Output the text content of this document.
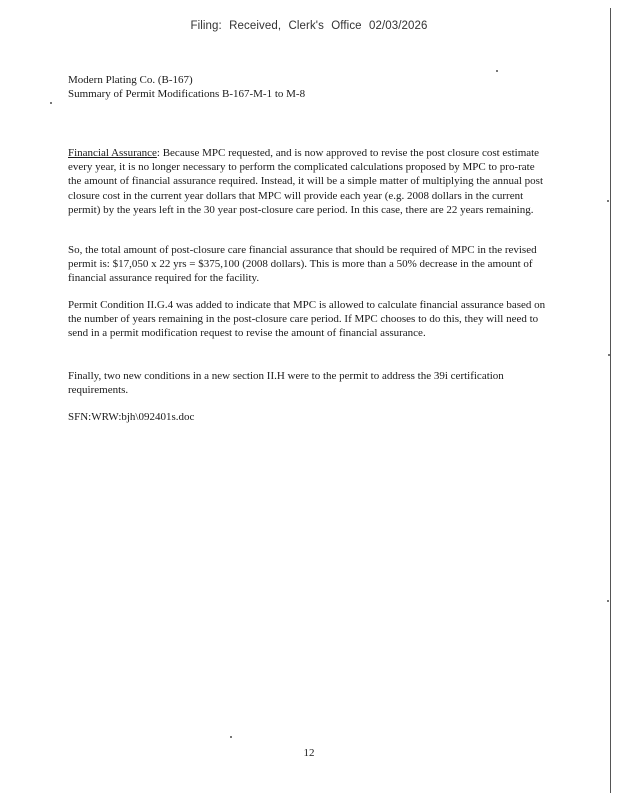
Filing: Received, Clerk's Office 02/03/2026
Modern Plating Co. (B-167)
Summary of Permit Modifications B-167-M-1 to M-8
Financial Assurance: Because MPC requested, and is now approved to revise the post closure cost estimate every year, it is no longer necessary to perform the complicated calculations proposed by MPC to pro-rate the amount of financial assurance required. Instead, it will be a simple matter of multiplying the annual post closure cost in the current year dollars that MPC will provide each year (e.g. 2008 dollars in the current permit) by the years left in the 30 year post-closure care period. In this case, there are 22 years remaining.
So, the total amount of post-closure care financial assurance that should be required of MPC in the revised permit is: $17,050 x 22 yrs = $375,100 (2008 dollars). This is more than a 50% decrease in the amount of financial assurance required for the facility.
Permit Condition II.G.4 was added to indicate that MPC is allowed to calculate financial assurance based on the number of years remaining in the post-closure care period. If MPC chooses to do this, they will need to send in a permit modification request to revise the amount of financial assurance.
Finally, two new conditions in a new section II.H were to the permit to address the 39i certification requirements.
SFN:WRW:bjh\092401s.doc
12
